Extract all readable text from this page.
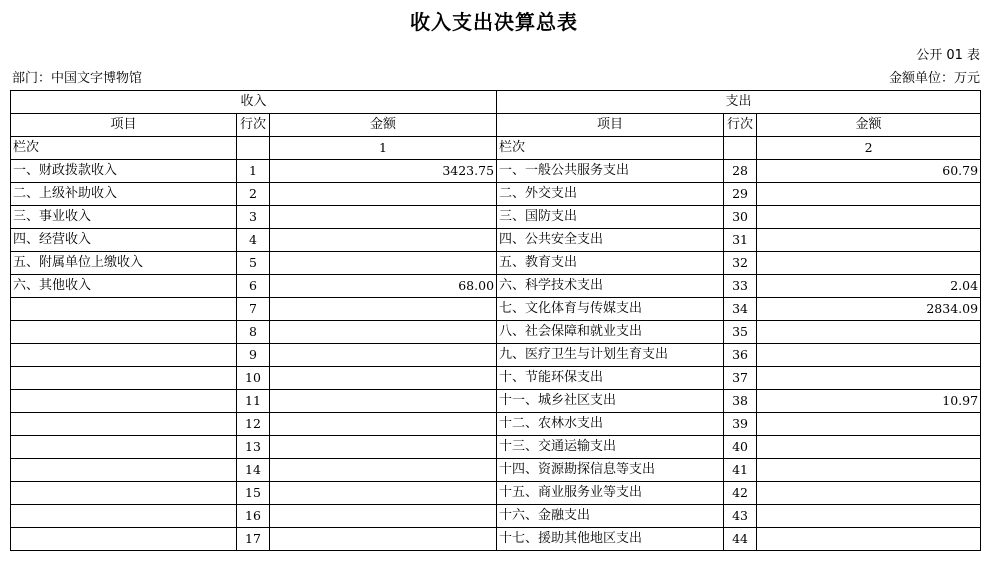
收入支出决算总表
公开 01 表
部门：中国文字博物馆	金额单位：万元
收入			支出		
项目	行次	金额	项目	行次	金额
栏次		1	栏次		2
一、财政拨款收入	1	3423.75	一、一般公共服务支出	28	60.79
二、上级补助收入	2		二、外交支出	29	
三、事业收入	3		三、国防支出	30	
四、经营收入	4		四、公共安全支出	31	
五、附属单位上缴收入	5		五、教育支出	32	
六、其他收入	6	68.00	六、科学技术支出	33	2.04
	7		七、文化体育与传媒支出	34	2834.09
	8		八、社会保障和就业支出	35	
	9		九、医疗卫生与计划生育支出	36	
	10		十、节能环保支出	37	
	11		十一、城乡社区支出	38	10.97
	12		十二、农林水支出	39	
	13		十三、交通运输支出	40	
	14		十四、资源勘探信息等支出	41	
	15		十五、商业服务业等支出	42	
	16		十六、金融支出	43	
	17		十七、援助其他地区支出	44	
